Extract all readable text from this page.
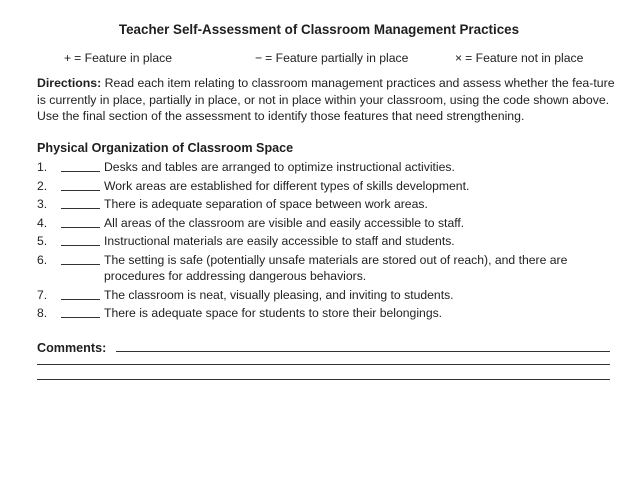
Teacher Self-Assessment of Classroom Management Practices
+ = Feature in place	− = Feature partially in place	× = Feature not in place
Directions: Read each item relating to classroom management practices and assess whether the fea-ture is currently in place, partially in place, or not in place within your classroom, using the code shown above. Use the final section of the assessment to identify those features that need strengthening.
Physical Organization of Classroom Space
1.	Desks and tables are arranged to optimize instructional activities.
2.	Work areas are established for different types of skills development.
3.	There is adequate separation of space between work areas.
4.	All areas of the classroom are visible and easily accessible to staff.
5.	Instructional materials are easily accessible to staff and students.
6.	The setting is safe (potentially unsafe materials are stored out of reach), and there are procedures for addressing dangerous behaviors.
7.	The classroom is neat, visually pleasing, and inviting to students.
8.	There is adequate space for students to store their belongings.
Comments:
